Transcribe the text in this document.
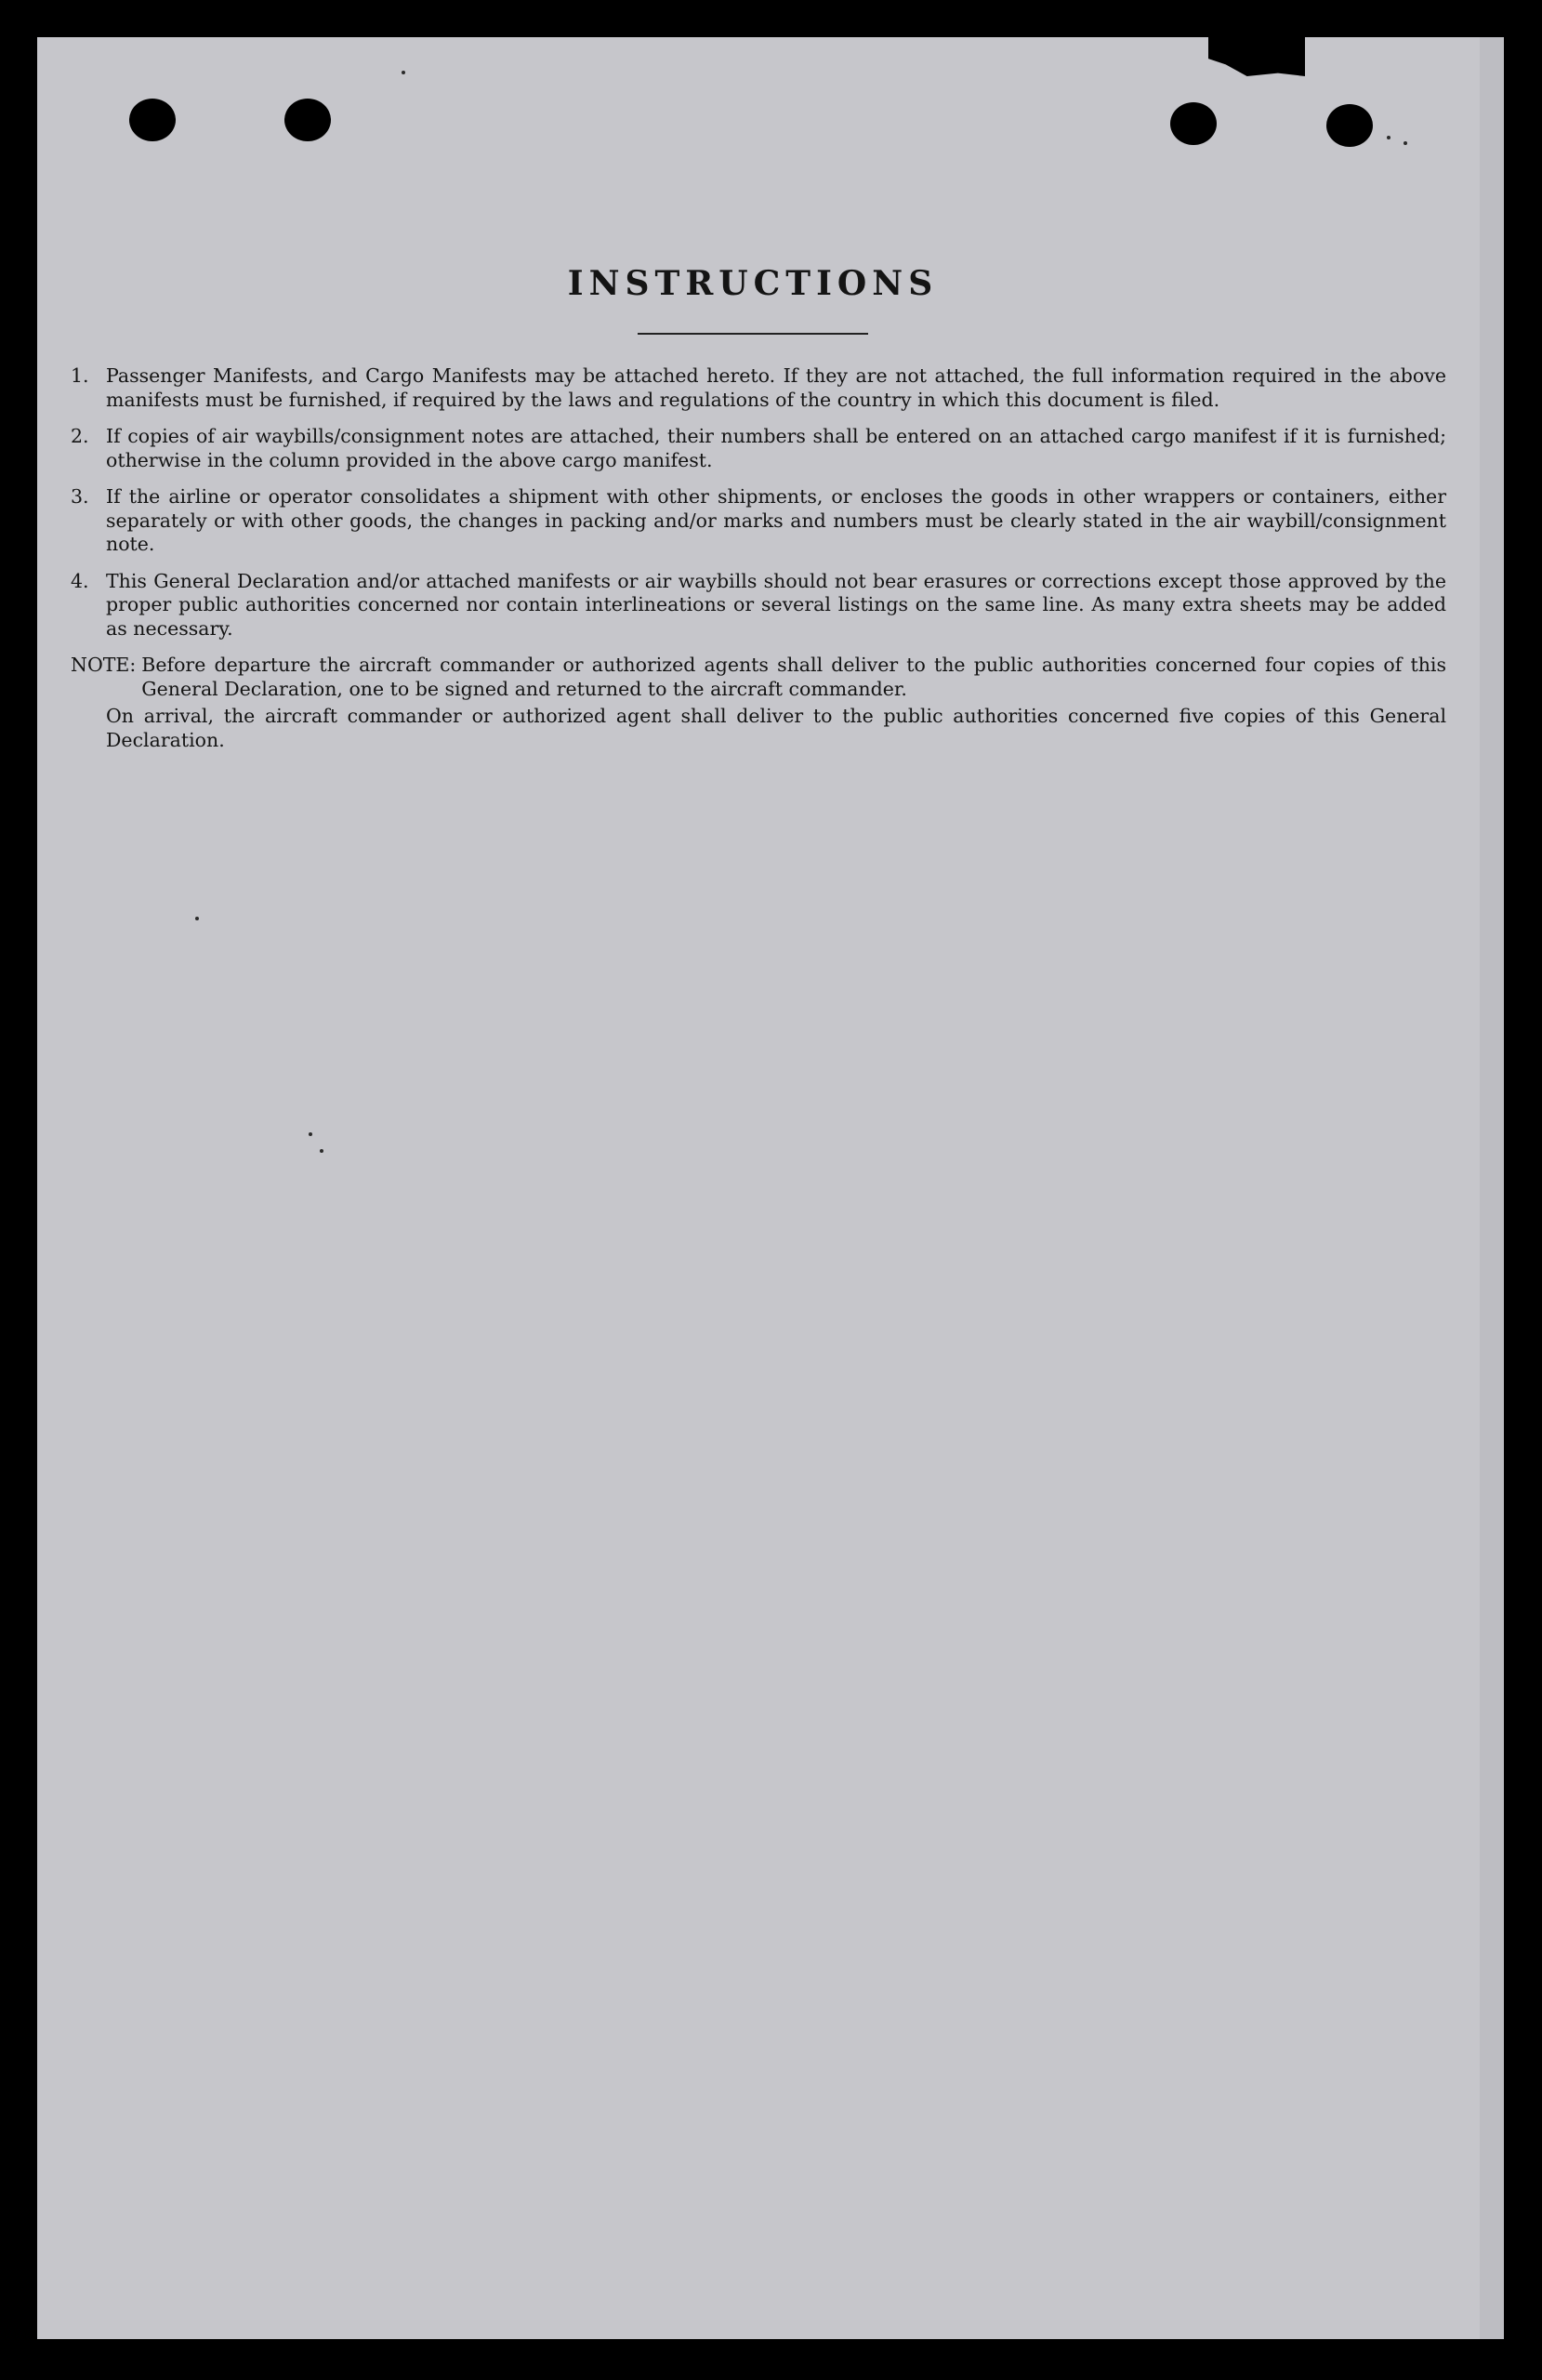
INSTRUCTIONS
1. Passenger Manifests, and Cargo Manifests may be attached hereto. If they are not attached, the full information required in the above manifests must be furnished, if required by the laws and regulations of the country in which this document is filed.
2. If copies of air waybills/consignment notes are attached, their numbers shall be entered on an attached cargo manifest if it is furnished; otherwise in the column provided in the above cargo manifest.
3. If the airline or operator consolidates a shipment with other shipments, or encloses the goods in other wrappers or containers, either separately or with other goods, the changes in packing and/or marks and numbers must be clearly stated in the air waybill/consignment note.
4. This General Declaration and/or attached manifests or air waybills should not bear erasures or corrections except those approved by the proper public authorities concerned nor contain interlineations or several listings on the same line. As many extra sheets may be added as necessary.
NOTE: Before departure the aircraft commander or authorized agents shall deliver to the public authorities concerned four copies of this General Declaration, one to be signed and returned to the aircraft commander.
On arrival, the aircraft commander or authorized agent shall deliver to the public authorities concerned five copies of this General Declaration.
